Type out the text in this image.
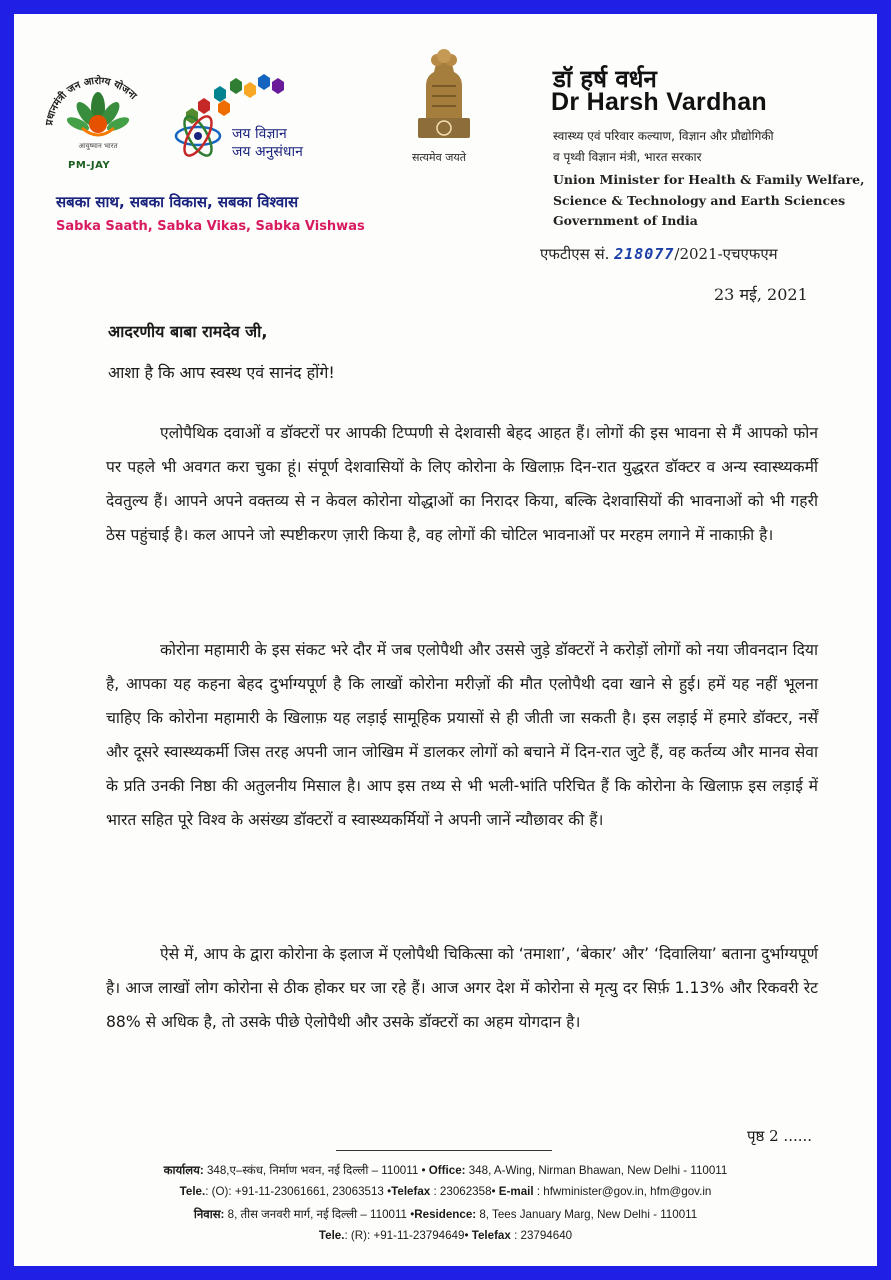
प्रधानमंत्री जन आरोग्य योजना
आयुष्मान भारत
PM-JAY
जय विज्ञान
जय अनुसंधान
सबका साथ, सबका विकास, सबका विश्वास
Sabka Saath, Sabka Vikas, Sabka Vishwas
सत्यमेव जयते
डॉ हर्ष वर्धन
Dr Harsh Vardhan
स्वास्थ्य एवं परिवार कल्याण, विज्ञान और प्रौद्योगिकी
व पृथ्वी विज्ञान मंत्री, भारत सरकार
Union Minister for Health & Family Welfare,
Science & Technology and Earth Sciences
Government of India
एफटीएस सं. 218077/2021-एचएफएम
23 मई, 2021
आदरणीय बाबा रामदेव जी,
आशा है कि आप स्वस्थ एवं सानंद होंगे!

एलोपैथिक दवाओं व डॉक्टरों पर आपकी टिप्पणी से देशवासी बेहद आहत हैं। लोगों की इस भावना से मैं आपको फोन पर पहले भी अवगत करा चुका हूं। संपूर्ण देशवासियों के लिए कोरोना के खिलाफ़ दिन-रात युद्धरत डॉक्टर व अन्य स्वास्थ्यकर्मी देवतुल्य हैं। आपने अपने वक्तव्य से न केवल कोरोना योद्धाओं का निरादर किया, बल्कि देशवासियों की भावनाओं को भी गहरी ठेस पहुंचाई है। कल आपने जो स्पष्टीकरण ज़ारी किया है, वह लोगों की चोटिल भावनाओं पर मरहम लगाने में नाकाफ़ी है।

कोरोना महामारी के इस संकट भरे दौर में जब एलोपैथी और उससे जुड़े डॉक्टरों ने करोड़ों लोगों को नया जीवनदान दिया है, आपका यह कहना बेहद दुर्भाग्यपूर्ण है कि लाखों कोरोना मरीज़ों की मौत एलोपैथी दवा खाने से हुई। हमें यह नहीं भूलना चाहिए कि कोरोना महामारी के खिलाफ़ यह लड़ाई सामूहिक प्रयासों से ही जीती जा सकती है। इस लड़ाई में हमारे डॉक्टर, नर्सें और दूसरे स्वास्थ्यकर्मी जिस तरह अपनी जान जोखिम में डालकर लोगों को बचाने में दिन-रात जुटे हैं, वह कर्तव्य और मानव सेवा के प्रति उनकी निष्ठा की अतुलनीय मिसाल है। आप इस तथ्य से भी भली-भांति परिचित हैं कि कोरोना के खिलाफ़ इस लड़ाई में भारत सहित पूरे विश्व के असंख्य डॉक्टरों व स्वास्थ्यकर्मियों ने अपनी जानें न्यौछावर की हैं।

ऐसे में, आप के द्वारा कोरोना के इलाज में एलोपैथी चिकित्सा को ‘तमाशा’, ‘बेकार’ और’ ‘दिवालिया’ बताना दुर्भाग्यपूर्ण है। आज लाखों लोग कोरोना से ठीक होकर घर जा रहे हैं। आज अगर देश में कोरोना से मृत्यु दर सिर्फ़ 1.13% और रिकवरी रेट 88% से अधिक है, तो उसके पीछे ऐलोपैथी और उसके डॉक्टरों का अहम योगदान है।

पृष्ठ 2 ......
कार्यालय: 348,ए–स्कंध, निर्माण भवन, नई दिल्ली – 110011 • Office: 348, A-Wing, Nirman Bhawan, New Delhi - 110011
Tele.: (O): +91-11-23061661, 23063513 •Telefax : 23062358• E-mail : hfwminister@gov.in, hfm@gov.in
निवास: 8, तीस जनवरी मार्ग, नई दिल्ली – 110011 •Residence: 8, Tees January Marg, New Delhi - 110011
Tele.: (R): +91-11-23794649• Telefax : 23794640
